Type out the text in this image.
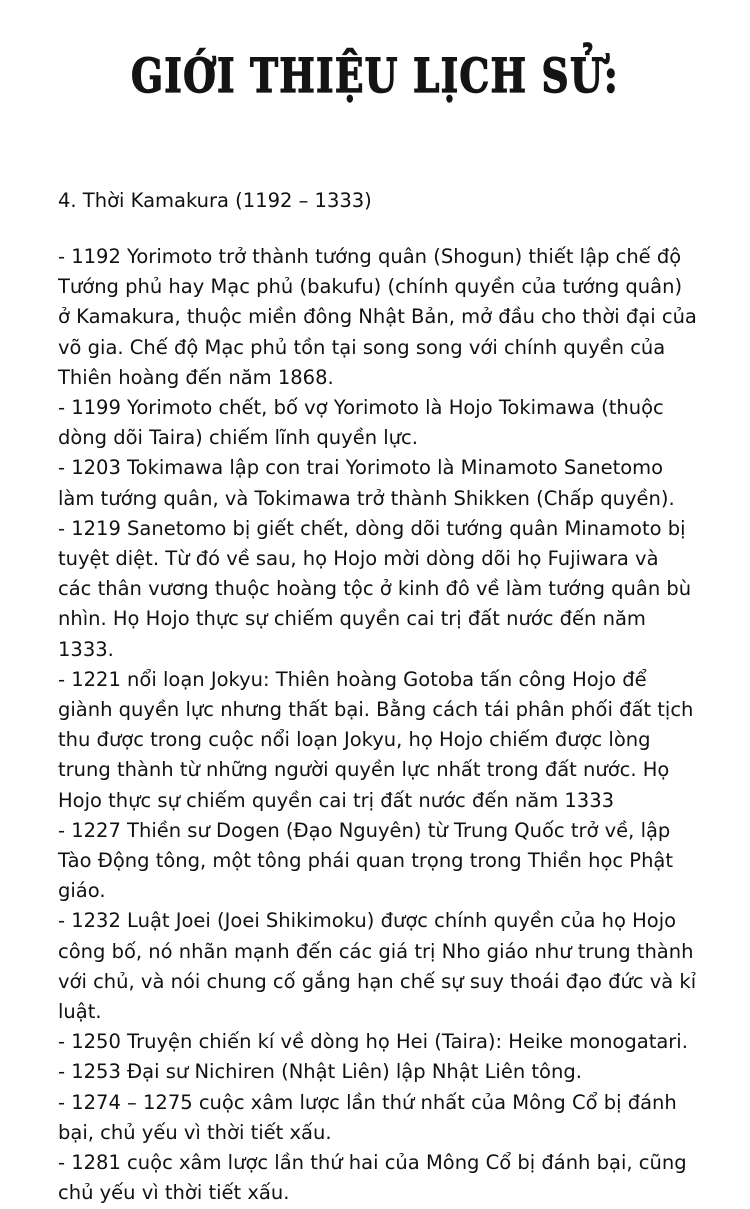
GIỚI THIỆU LỊCH SỬ:

4. Thời Kamakura (1192 – 1333)

- 1192 Yorimoto trở thành tướng quân (Shogun) thiết lập chế độ
Tướng phủ hay Mạc phủ (bakufu) (chính quyền của tướng quân)
ở Kamakura, thuộc miền đông Nhật Bản, mở đầu cho thời đại của
võ gia. Chế độ Mạc phủ tồn tại song song với chính quyền của
Thiên hoàng đến năm 1868.

- 1199 Yorimoto chết, bố vợ Yorimoto là Hojo Tokimawa (thuộc
dòng dõi Taira) chiếm lĩnh quyền lực.

- 1203 Tokimawa lập con trai Yorimoto là Minamoto Sanetomo
làm tướng quân, và Tokimawa trở thành Shikken (Chấp quyền).

- 1219 Sanetomo bị giết chết, dòng dõi tướng quân Minamoto bị
tuyệt diệt. Từ đó về sau, họ Hojo mời dòng dõi họ Fujiwara và
các thân vương thuộc hoàng tộc ở kinh đô về làm tướng quân bù
nhìn. Họ Hojo thực sự chiếm quyền cai trị đất nước đến năm
1333.

- 1221 nổi loạn Jokyu: Thiên hoàng Gotoba tấn công Hojo để
giành quyền lực nhưng thất bại. Bằng cách tái phân phối đất tịch
thu được trong cuộc nổi loạn Jokyu, họ Hojo chiếm được lòng
trung thành từ những người quyền lực nhất trong đất nước. Họ
Hojo thực sự chiếm quyền cai trị đất nước đến năm 1333

- 1227 Thiền sư Dogen (Đạo Nguyên) từ Trung Quốc trở về, lập
Tào Động tông, một tông phái quan trọng trong Thiền học Phật
giáo.

- 1232 Luật Joei (Joei Shikimoku) được chính quyền của họ Hojo
công bố, nó nhãn mạnh đến các giá trị Nho giáo như trung thành
với chủ, và nói chung cố gắng hạn chế sự suy thoái đạo đức và kỉ
luật.

- 1250 Truyện chiến kí về dòng họ Hei (Taira): Heike monogatari.

- 1253 Đại sư Nichiren (Nhật Liên) lập Nhật Liên tông.

- 1274 – 1275 cuộc xâm lược lần thứ nhất của Mông Cổ bị đánh
bại, chủ yếu vì thời tiết xấu.

- 1281 cuộc xâm lược lần thứ hai của Mông Cổ bị đánh bại, cũng
chủ yếu vì thời tiết xấu.
